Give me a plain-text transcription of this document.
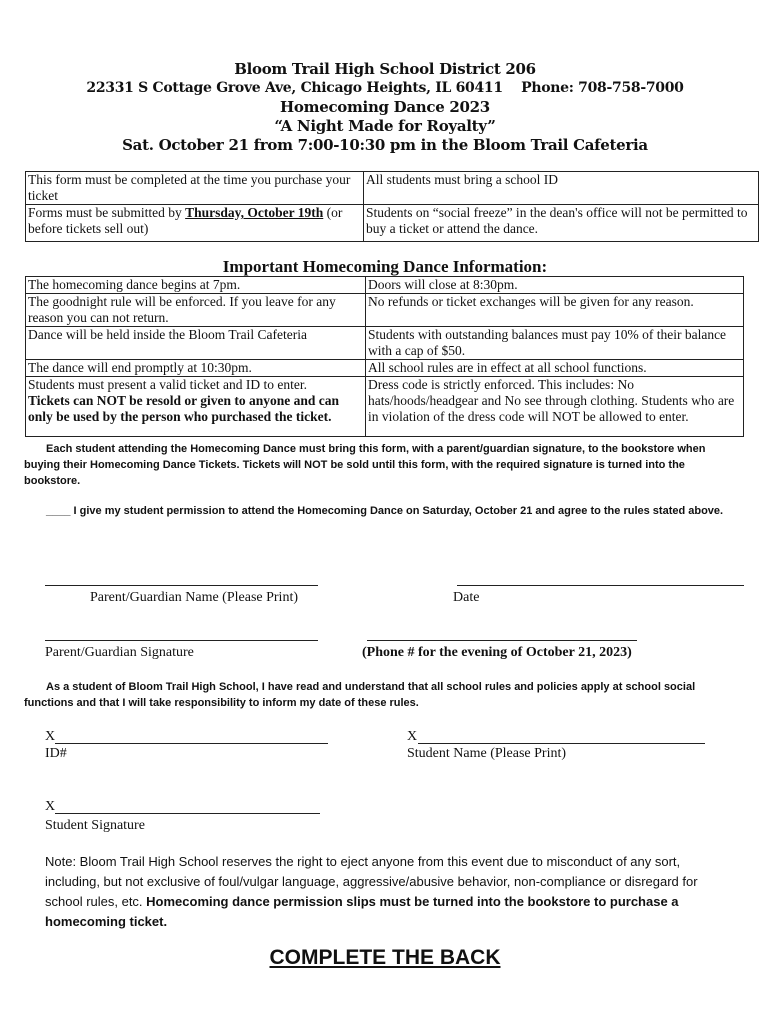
Bloom Trail High School District 206
22331 S Cottage Grove Ave, Chicago Heights, IL 60411 Phone: 708-758-7000
Homecoming Dance 2023
“A Night Made for Royalty”
Sat. October 21 from 7:00-10:30 pm in the Bloom Trail Cafeteria
This form must be completed at the time you purchase your ticket	All students must bring a school ID

Forms must be submitted by Thursday, October 19th (or before tickets sell out)	Students on “social freeze” in the dean's office will not be permitted to buy a ticket or attend the dance.
Important Homecoming Dance Information:
The homecoming dance begins at 7pm.	Doors will close at 8:30pm.

The goodnight rule will be enforced. If you leave for any reason you can not return.	No refunds or ticket exchanges will be given for any reason.

Dance will be held inside the Bloom Trail Cafeteria	Students with outstanding balances must pay 10% of their balance with a cap of $50.

The dance will end promptly at 10:30pm.	All school rules are in effect at all school functions.

Students must present a valid ticket and ID to enter.
Tickets can NOT be resold or given to anyone and can only be used by the person who purchased the ticket.	Dress code is strictly enforced. This includes: No hats/hoods/headgear and No see through clothing. Students who are in violation of the dress code will NOT be allowed to enter.
Each student attending the Homecoming Dance must bring this form, with a parent/guardian signature, to the bookstore when buying their Homecoming Dance Tickets. Tickets will NOT be sold until this form, with the required signature is turned into the bookstore.
____ I give my student permission to attend the Homecoming Dance on Saturday, October 21 and agree to the rules stated above.
Parent/Guardian Name (Please Print)	Date
Parent/Guardian Signature	(Phone # for the evening of October 21, 2023)
As a student of Bloom Trail High School, I have read and understand that all school rules and policies apply at school social functions and that I will take responsibility to inform my date of these rules.
X
ID#
X
Student Name (Please Print)
X
Student Signature
Note: Bloom Trail High School reserves the right to eject anyone from this event due to misconduct of any sort, including, but not exclusive of foul/vulgar language, aggressive/abusive behavior, non-compliance or disregard for school rules, etc. Homecoming dance permission slips must be turned into the bookstore to purchase a homecoming ticket.
COMPLETE THE BACK
